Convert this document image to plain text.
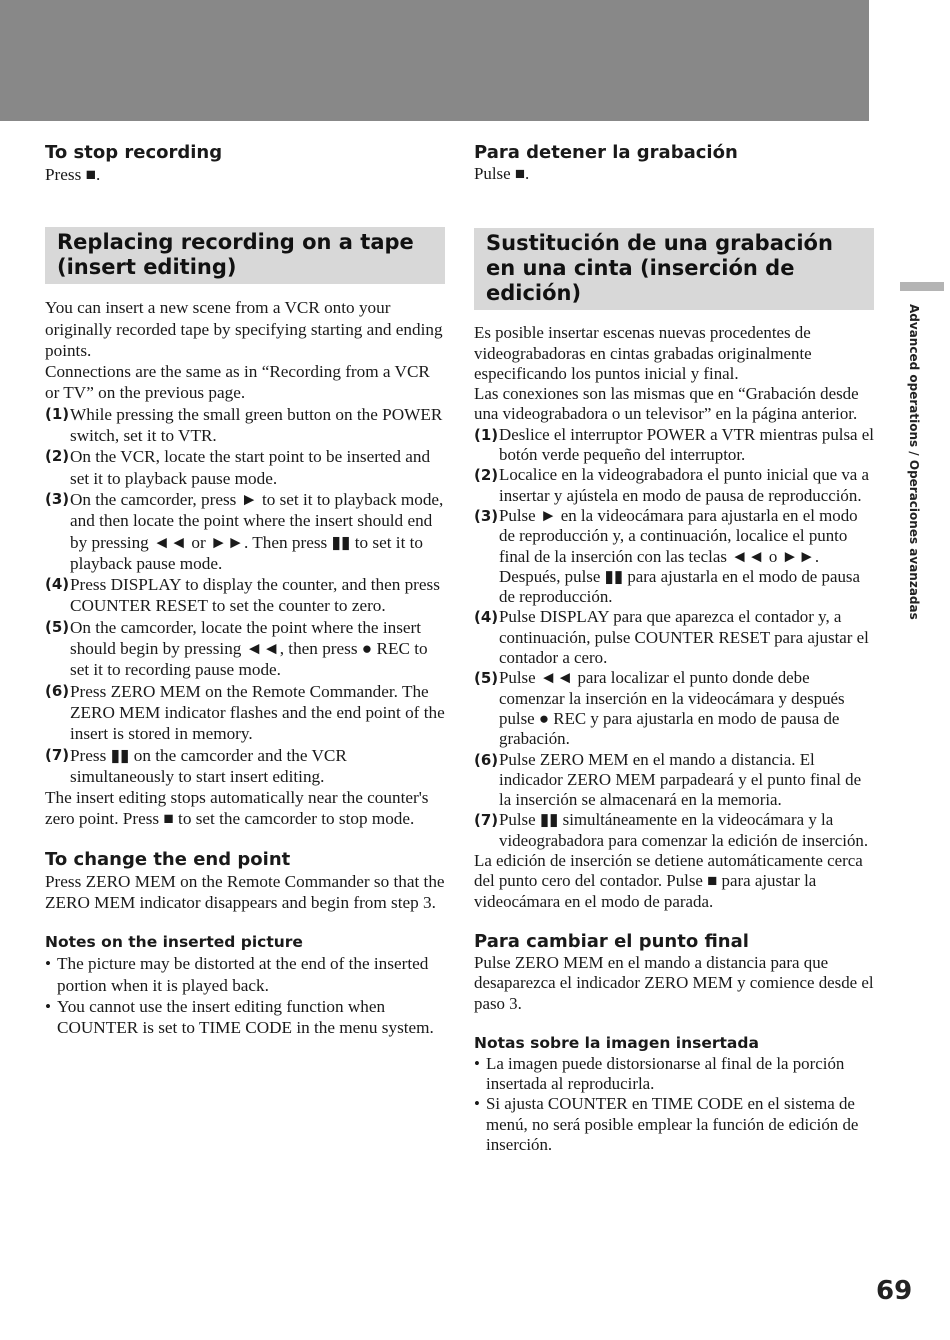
Advanced operations / Operaciones avanzadas
To stop recording

Press ■.

Replacing recording on a tape (insert editing)

You can insert a new scene from a VCR onto your originally recorded tape by specifying starting and ending points.

Connections are the same as in “Recording from a VCR or TV” on the previous page.

(1) While pressing the small green button on the POWER switch, set it to VTR.
(2) On the VCR, locate the start point to be inserted and set it to playback pause mode.
(3) On the camcorder, press ► to set it to playback mode, and then locate the point where the insert should end by pressing ◄◄ or ►►. Then press ▮▮ to set it to playback pause mode.
(4) Press DISPLAY to display the counter, and then press COUNTER RESET to set the counter to zero.
(5) On the camcorder, locate the point where the insert should begin by pressing ◄◄, then press ● REC to set it to recording pause mode.
(6) Press ZERO MEM on the Remote Commander. The ZERO MEM indicator flashes and the end point of the insert is stored in memory.
(7) Press ▮▮ on the camcorder and the VCR simultaneously to start insert editing.

The insert editing stops automatically near the counter's zero point. Press ■ to set the camcorder to stop mode.

To change the end point

Press ZERO MEM on the Remote Commander so that the ZERO MEM indicator disappears and begin from step 3.

Notes on the inserted picture
• The picture may be distorted at the end of the inserted portion when it is played back.
• You cannot use the insert editing function when COUNTER is set to TIME CODE in the menu system.
Para detener la grabación

Pulse ■.

Sustitución de una grabación en una cinta (inserción de edición)

Es posible insertar escenas nuevas procedentes de videograbadoras en cintas grabadas originalmente especificando los puntos inicial y final.

Las conexiones son las mismas que en “Grabación desde una videograbadora o un televisor” en la página anterior.

(1) Deslice el interruptor POWER a VTR mientras pulsa el botón verde pequeño del interruptor.
(2) Localice en la videograbadora el punto inicial que va a insertar y ajústela en modo de pausa de reproducción.
(3) Pulse ► en la videocámara para ajustarla en el modo de reproducción y, a continuación, localice el punto final de la inserción con las teclas ◄◄ o ►►. Después, pulse ▮▮ para ajustarla en el modo de pausa de reproducción.
(4) Pulse DISPLAY para que aparezca el contador y, a continuación, pulse COUNTER RESET para ajustar el contador a cero.
(5) Pulse ◄◄ para localizar el punto donde debe comenzar la inserción en la videocámara y después pulse ● REC y para ajustarla en modo de pausa de grabación.
(6) Pulse ZERO MEM en el mando a distancia. El indicador ZERO MEM parpadeará y el punto final de la inserción se almacenará en la memoria.
(7) Pulse ▮▮ simultáneamente en la videocámara y la videograbadora para comenzar la edición de inserción.

La edición de inserción se detiene automáticamente cerca del punto cero del contador. Pulse ■ para ajustar la videocámara en el modo de parada.

Para cambiar el punto final

Pulse ZERO MEM en el mando a distancia para que desaparezca el indicador ZERO MEM y comience desde el paso 3.

Notas sobre la imagen insertada
• La imagen puede distorsionarse al final de la porción insertada al reproducirla.
• Si ajusta COUNTER en TIME CODE en el sistema de menú, no será posible emplear la función de edición de inserción.
69
